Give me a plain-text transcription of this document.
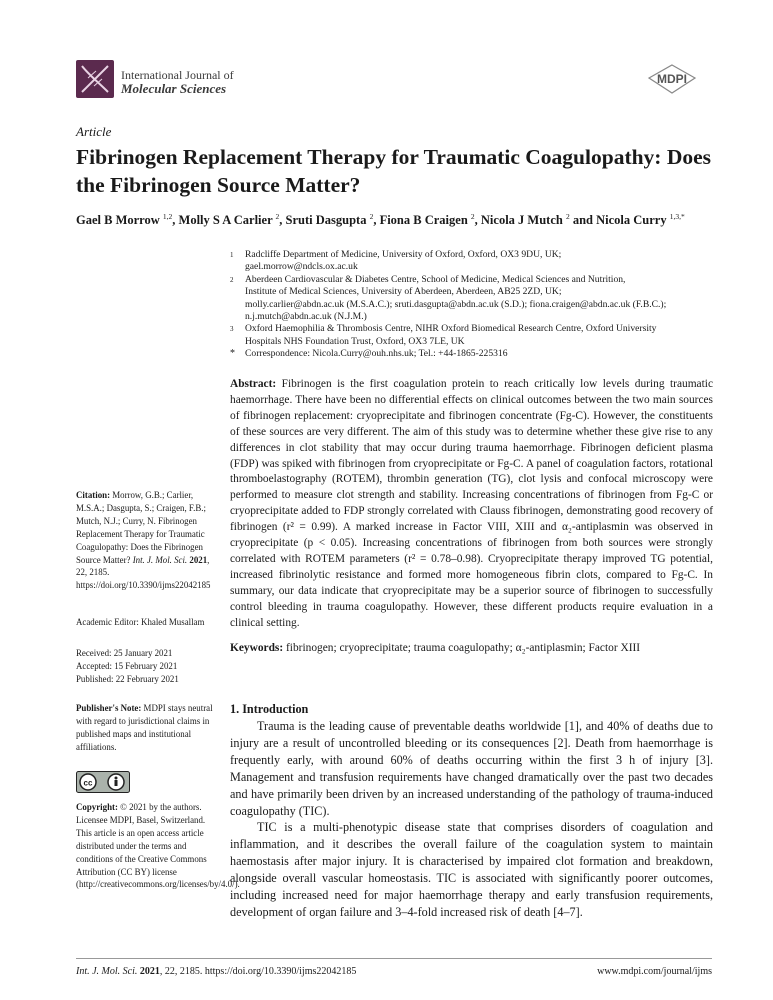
International Journal of
Molecular Sciences
MDPI
Article
Fibrinogen Replacement Therapy for Traumatic Coagulopathy: Does the Fibrinogen Source Matter?
Gael B Morrow $^{1,2}$, Molly S A Carlier $^2$, Sruti Dasgupta $^2$, Fiona B Craigen $^2$, Nicola J Mutch $^2$ and Nicola Curry $^{1,3,*}$
1 Radcliffe Department of Medicine, University of Oxford, Oxford, OX3 9DU, UK;
gael.morrow@ndcls.ox.ac.uk
2 Aberdeen Cardiovascular & Diabetes Centre, School of Medicine, Medical Sciences and Nutrition,
Institute of Medical Sciences, University of Aberdeen, Aberdeen, AB25 2ZD, UK;
molly.carlier@abdn.ac.uk (M.S.A.C.); sruti.dasgupta@abdn.ac.uk (S.D.); fiona.craigen@abdn.ac.uk (F.B.C.);
n.j.mutch@abdn.ac.uk (N.J.M.)
3 Oxford Haemophilia & Thrombosis Centre, NIHR Oxford Biomedical Research Centre, Oxford University
Hospitals NHS Foundation Trust, Oxford, OX3 7LE, UK
* Correspondence: Nicola.Curry@ouh.nhs.uk; Tel.: +44-1865-225316
Abstract: Fibrinogen is the first coagulation protein to reach critically low levels during traumatic haemorrhage. There have been no differential effects on clinical outcomes between the two main sources of fibrinogen replacement: cryoprecipitate and fibrinogen concentrate (Fg-C). However, the constituents of these sources are very different. The aim of this study was to determine whether these give rise to any differences in clot stability that may occur during trauma haemorrhage. Fibrinogen deficient plasma (FDP) was spiked with fibrinogen from cryoprecipitate or Fg-C. A panel of coagulation factors, rotational thromboelastography (ROTEM), thrombin generation (TG), clot lysis and confocal microscopy were performed to measure clot strength and stability. Increasing concentrations of fibrinogen from Fg-C or cryoprecipitate added to FDP strongly correlated with Clauss fibrinogen, demonstrating good recovery of fibrinogen (r² = 0.99). A marked increase in Factor VIII, XIII and α₂-antiplasmin was observed in cryoprecipitate (p < 0.05). Increasing concentrations of fibrinogen from both sources were strongly correlated with ROTEM parameters (r² = 0.78–0.98). Cryoprecipitate therapy improved TG potential, increased fibrinolytic resistance and formed more homogeneous fibrin clots, compared to Fg-C. In summary, our data indicate that cryoprecipitate may be a superior source of fibrinogen to successfully control bleeding in trauma coagulopathy. However, these different products require evaluation in a clinical setting.
Keywords: fibrinogen; cryoprecipitate; trauma coagulopathy; α₂-antiplasmin; Factor XIII
Citation: Morrow, G.B.; Carlier, M.S.A.; Dasgupta, S.; Craigen, F.B.; Mutch, N.J.; Curry, N. Fibrinogen Replacement Therapy for Traumatic Coagulopathy: Does the Fibrinogen Source Matter? Int. J. Mol. Sci. 2021, 22, 2185. https://doi.org/10.3390/ijms22042185
Academic Editor: Khaled Musallam
Received: 25 January 2021
Accepted: 15 February 2021
Published: 22 February 2021
Publisher's Note: MDPI stays neutral with regard to jurisdictional claims in published maps and institutional affiliations.
cc
Copyright: © 2021 by the authors. Licensee MDPI, Basel, Switzerland. This article is an open access article distributed under the terms and conditions of the Creative Commons Attribution (CC BY) license (http://creativecommons.org/licenses/by/4.0/).
1. Introduction

Trauma is the leading cause of preventable deaths worldwide [1], and 40% of deaths due to injury are a result of uncontrolled bleeding or its consequences [2]. Death from haemorrhage is frequently early, with around 60% of deaths occurring within the first 3 h of injury [3]. Management and transfusion requirements have changed dramatically over the past two decades and have primarily been driven by an increased understanding of the pathology of trauma-induced coagulopathy (TIC).

TIC is a multi-phenotypic disease state that comprises disorders of coagulation and inflammation, and it describes the overall failure of the coagulation system to maintain haemostasis after major injury. It is characterised by impaired clot formation and breakdown, alongside overall vascular homeostasis. TIC is associated with significantly poorer outcomes, including increased need for major haemorrhage therapy and early transfusion requirements, development of organ failure and 3–4-fold increased risk of death [4–7].

Int. J. Mol. Sci. 2021, 22, 2185. https://doi.org/10.3390/ijms22042185	www.mdpi.com/journal/ijms
